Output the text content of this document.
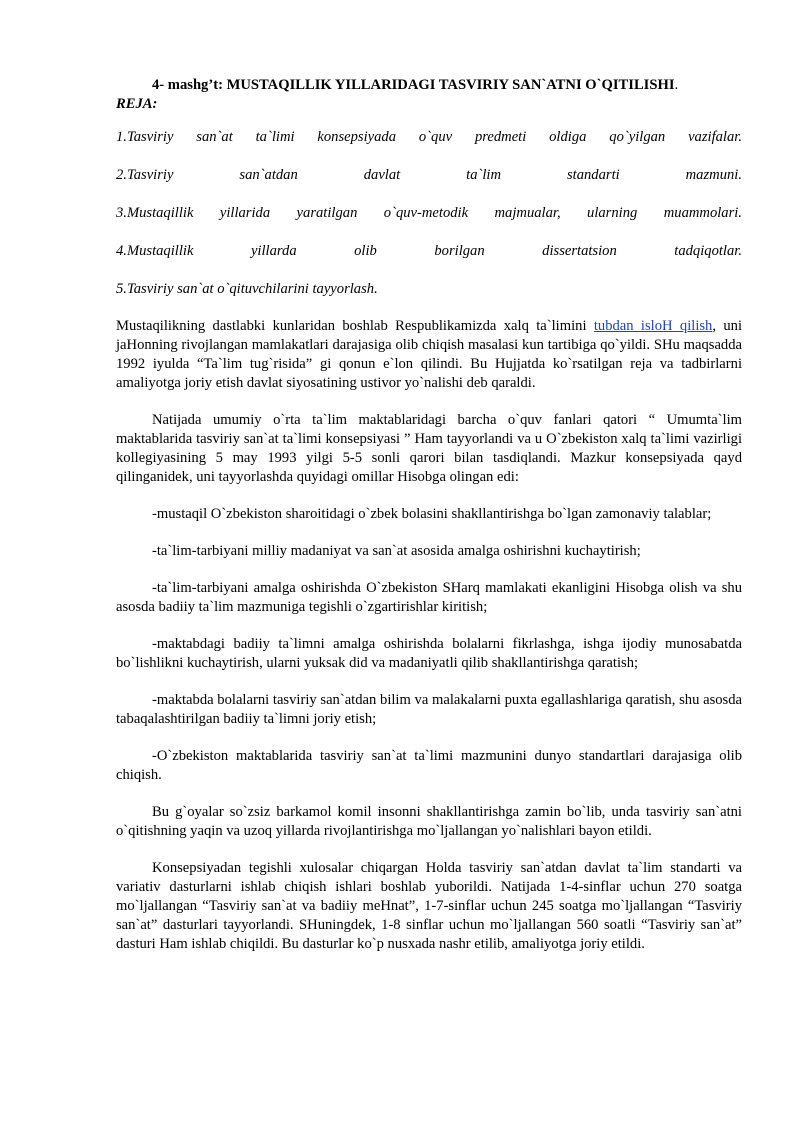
4- mashg’t: MUSTAQILLIK YILLARIDAGI TASVIRIY SAN`ATNI O`QITILISHI.
REJA:
1.Tasviriy san`at ta`limi konsepsiyada o`quv predmeti oldiga qo`yilgan vazifalar.
2.Tasviriy san`atdan davlat ta`lim standarti mazmuni.
3.Mustaqillik yillarida yaratilgan o`quv-metodik majmualar, ularning muammolari.
4.Mustaqillik yillarda olib borilgan dissertatsion tadqiqotlar.
5.Tasviriy san`at o`qituvchilarini tayyorlash.

Mustaqilikning dastlabki kunlaridan boshlab Respublikamizda xalq ta`limini tubdan isloH qilish, uni jaHonning rivojlangan mamlakatlari darajasiga olib chiqish masalasi kun tartibiga qo`yildi. SHu maqsadda 1992 iyulda “Ta`lim tug`risida” gi qonun e`lon qilindi. Bu Hujjatda ko`rsatilgan reja va tadbirlarni amaliyotga joriy etish davlat siyosatining ustivor yo`nalishi deb qaraldi.

Natijada umumiy o`rta ta`lim maktablaridagi barcha o`quv fanlari qatori “ Umumta`lim maktablarida tasviriy san`at ta`limi konsepsiyasi ” Ham tayyorlandi va u O`zbekiston xalq ta`limi vazirligi kollegiyasining 5 may 1993 yilgi 5-5 sonli qarori bilan tasdiqlandi. Mazkur konsepsiyada qayd qilinganidek, uni tayyorlashda quyidagi omillar Hisobga olingan edi:

-mustaqil O`zbekiston sharoitidagi o`zbek bolasini shakllantirishga bo`lgan zamonaviy talablar;

-ta`lim-tarbiyani milliy madaniyat va san`at asosida amalga oshirishni kuchaytirish;

-ta`lim-tarbiyani amalga oshirishda O`zbekiston SHarq mamlakati ekanligini Hisobga olish va shu asosda badiiy ta`lim mazmuniga tegishli o`zgartirishlar kiritish;

-maktabdagi badiiy ta`limni amalga oshirishda bolalarni fikrlashga, ishga ijodiy munosabatda bo`lishlikni kuchaytirish, ularni yuksak did va madaniyatli qilib shakllantirishga qaratish;

-maktabda bolalarni tasviriy san`atdan bilim va malakalarni puxta egallashlariga qaratish, shu asosda tabaqalashtirilgan badiiy ta`limni joriy etish;

-O`zbekiston maktablarida tasviriy san`at ta`limi mazmunini dunyo standartlari darajasiga olib chiqish.

Bu g`oyalar so`zsiz barkamol komil insonni shakllantirishga zamin bo`lib, unda tasviriy san`atni o`qitishning yaqin va uzoq yillarda rivojlantirishga mo`ljallangan yo`nalishlari bayon etildi.

Konsepsiyadan tegishli xulosalar chiqargan Holda tasviriy san`atdan davlat ta`lim standarti va variativ dasturlarni ishlab chiqish ishlari boshlab yuborildi. Natijada 1-4-sinflar uchun 270 soatga mo`ljallangan “Tasviriy san`at va badiiy meHnat”, 1-7-sinflar uchun 245 soatga mo`ljallangan “Tasviriy san`at” dasturlari tayyorlandi. SHuningdek, 1-8 sinflar uchun mo`ljallangan 560 soatli “Tasviriy san`at” dasturi Ham ishlab chiqildi. Bu dasturlar ko`p nusxada nashr etilib, amaliyotga joriy etildi.
